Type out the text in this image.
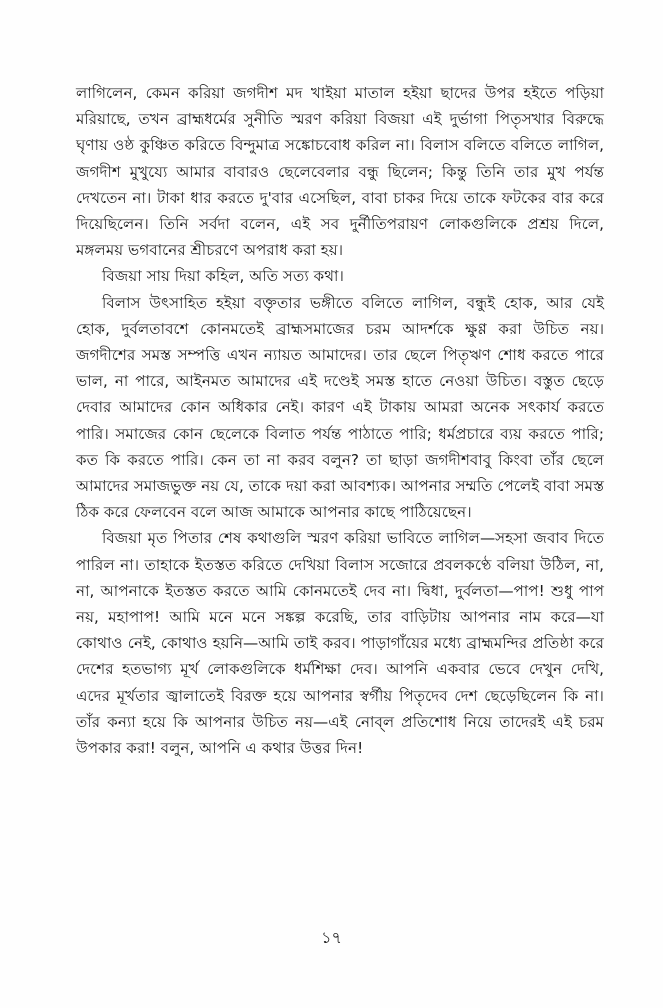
লাগিলেন, কেমন করিয়া জগদীশ মদ খাইয়া মাতাল হইয়া ছাদের উপর হইতে পড়িয়া মরিয়াছে, তখন ব্রাহ্মধর্মের সুনীতি স্মরণ করিয়া বিজয়া এই দুর্ভাগা পিতৃসখার বিরুদ্ধে ঘৃণায় ওষ্ঠ কুঞ্চিত করিতে বিন্দুমাত্র সঙ্কোচবোধ করিল না। বিলাস বলিতে বলিতে লাগিল, জগদীশ মুখুয্যে আমার বাবারও ছেলেবেলার বন্ধু ছিলেন; কিন্তু তিনি তার মুখ পর্যন্ত দেখতেন না। টাকা ধার করতে দু'বার এসেছিল, বাবা চাকর দিয়ে তাকে ফটকের বার করে দিয়েছিলেন। তিনি সর্বদা বলেন, এই সব দুর্নীতিপরায়ণ লোকগুলিকে প্রশ্রয় দিলে, মঙ্গলময় ভগবানের শ্রীচরণে অপরাধ করা হয়।

বিজয়া সায় দিয়া কহিল, অতি সত্য কথা।

বিলাস উৎসাহিত হইয়া বক্তৃতার ভঙ্গীতে বলিতে লাগিল, বন্ধুই হোক, আর যেই হোক, দুর্বলতাবশে কোনমতেই ব্রাহ্মসমাজের চরম আদর্শকে ক্ষুণ্ণ করা উচিত নয়। জগদীশের সমস্ত সম্পত্তি এখন ন্যায়ত আমাদের। তার ছেলে পিতৃঋণ শোধ করতে পারে ভাল, না পারে, আইনমত আমাদের এই দণ্ডেই সমস্ত হাতে নেওয়া উচিত। বস্তুত ছেড়ে দেবার আমাদের কোন অধিকার নেই। কারণ এই টাকায় আমরা অনেক সৎকার্য করতে পারি। সমাজের কোন ছেলেকে বিলাত পর্যন্ত পাঠাতে পারি; ধর্মপ্রচারে ব্যয় করতে পারি; কত কি করতে পারি। কেন তা না করব বলুন? তা ছাড়া জগদীশবাবু কিংবা তাঁর ছেলে আমাদের সমাজভুক্ত নয় যে, তাকে দয়া করা আবশ্যক। আপনার সম্মতি পেলেই বাবা সমস্ত ঠিক করে ফেলবেন বলে আজ আমাকে আপনার কাছে পাঠিয়েছেন।

বিজয়া মৃত পিতার শেষ কথাগুলি স্মরণ করিয়া ভাবিতে লাগিল—সহসা জবাব দিতে পারিল না। তাহাকে ইতস্তত করিতে দেখিয়া বিলাস সজোরে প্রবলকণ্ঠে বলিয়া উঠিল, না, না, আপনাকে ইতস্তত করতে আমি কোনমতেই দেব না। দ্বিধা, দুর্বলতা—পাপ! শুধু পাপ নয়, মহাপাপ! আমি মনে মনে সঙ্কল্প করেছি, তার বাড়িটায় আপনার নাম করে—যা কোথাও নেই, কোথাও হয়নি—আমি তাই করব। পাড়াগাঁয়ের মধ্যে ব্রাহ্মমন্দির প্রতিষ্ঠা করে দেশের হতভাগ্য মূর্খ লোকগুলিকে ধর্মশিক্ষা দেব। আপনি একবার ভেবে দেখুন দেখি, এদের মূর্খতার জ্বালাতেই বিরক্ত হয়ে আপনার স্বর্গীয় পিতৃদেব দেশ ছেড়েছিলেন কি না। তাঁর কন্যা হয়ে কি আপনার উচিত নয়—এই নোব্‌ল প্রতিশোধ নিয়ে তাদেরই এই চরম উপকার করা! বলুন, আপনি এ কথার উত্তর দিন!

১৭
